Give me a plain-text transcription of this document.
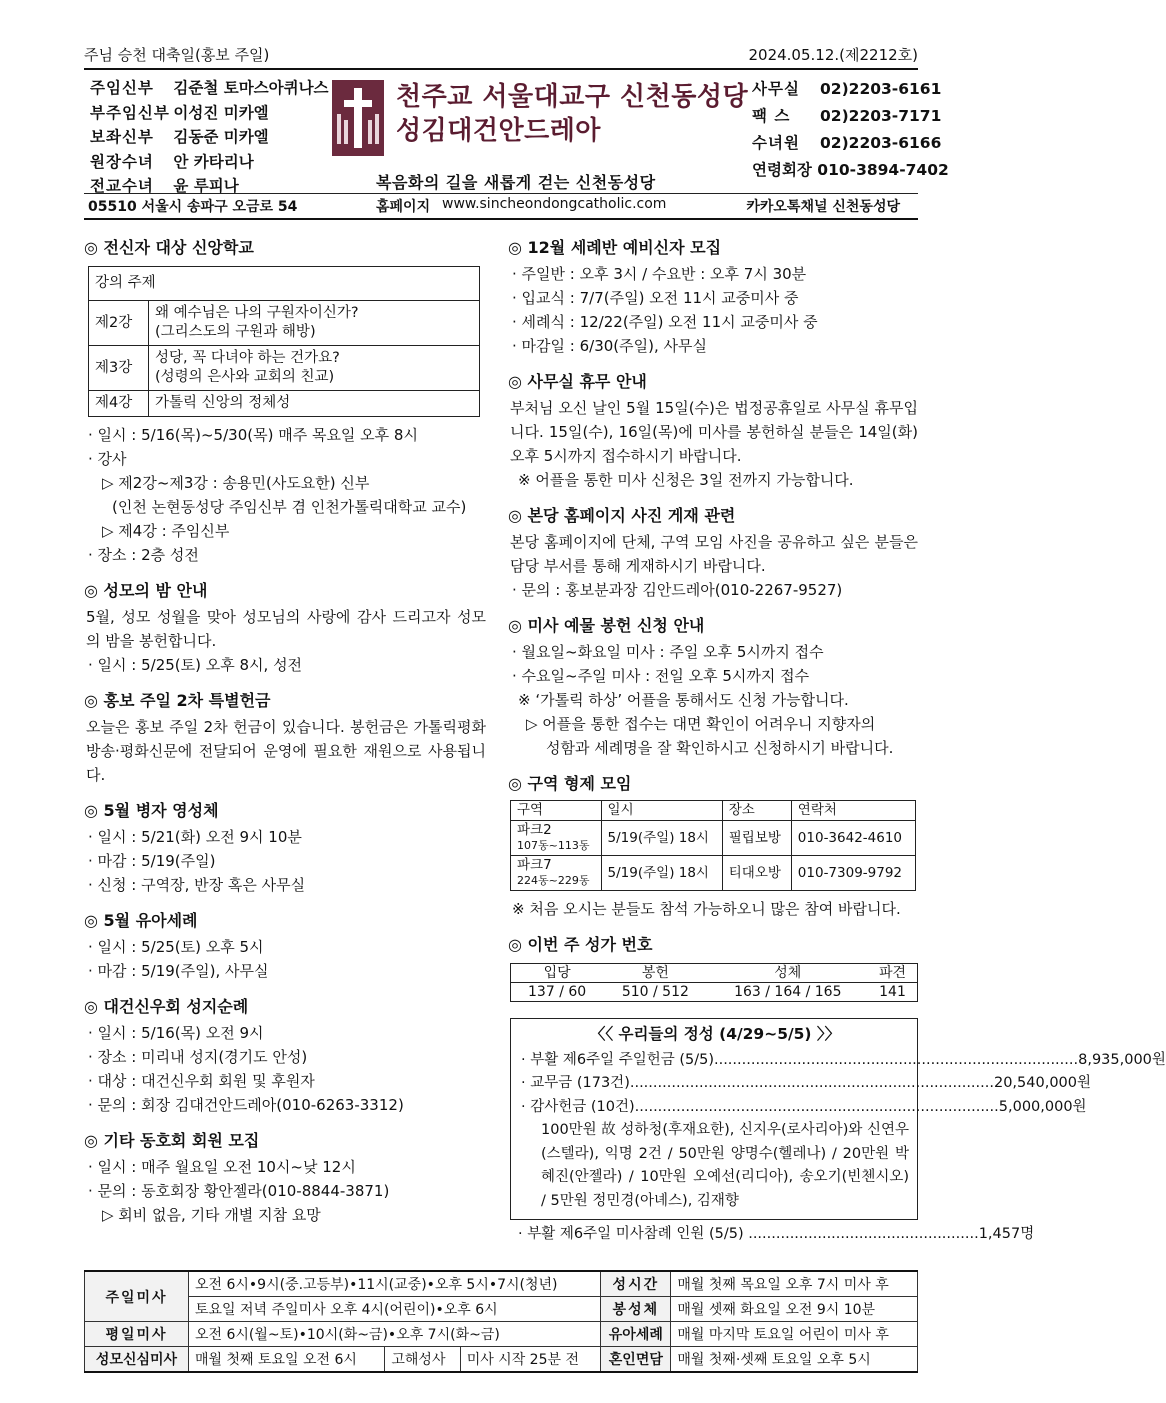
주님 승천 대축일(홍보 주일)	2024.05.12.(제2212호)
주임신부 김준철 토마스아퀴나스
부주임신부 이성진 미카엘
보좌신부 김동준 미카엘
원장수녀 안 카타리나
전교수녀 윤 루피나
천주교 서울대교구 신천동성당
성김대건안드레아
복음화의 길을 새롭게 걷는 신천동성당
사무실 02)2203-6161
팩 스 02)2203-7171
수녀원 02)2203-6166
연령회장 010-3894-7402
05510 서울시 송파구 오금로 54	홈페이지 www.sincheondongcatholic.com	카카오톡채널 신천동성당
◎ 전신자 대상 신앙학교
강의 주제	
제2강	왜 예수님은 나의 구원자이신가?
(그리스도의 구원과 해방)

제3강	성당, 꼭 다녀야 하는 건가요?
(성령의 은사와 교회의 친교)

제4강	가톨릭 신앙의 정체성
· 일시 : 5/16(목)~5/30(목) 매주 목요일 오후 8시
· 강사
▷ 제2강~제3강 : 송용민(사도요한) 신부
(인천 논현동성당 주임신부 겸 인천가톨릭대학교 교수)
▷ 제4강 : 주임신부
· 장소 : 2층 성전
◎ 성모의 밤 안내
5월, 성모 성월을 맞아 성모님의 사랑에 감사 드리고자 성모의 밤을 봉헌합니다.
· 일시 : 5/25(토) 오후 8시, 성전
◎ 홍보 주일 2차 특별헌금
오늘은 홍보 주일 2차 헌금이 있습니다. 봉헌금은 가톨릭평화방송·평화신문에 전달되어 운영에 필요한 재원으로 사용됩니다.
◎ 5월 병자 영성체
· 일시 : 5/21(화) 오전 9시 10분
· 마감 : 5/19(주일)
· 신청 : 구역장, 반장 혹은 사무실
◎ 5월 유아세례
· 일시 : 5/25(토) 오후 5시
· 마감 : 5/19(주일), 사무실
◎ 대건신우회 성지순례
· 일시 : 5/16(목) 오전 9시
· 장소 : 미리내 성지(경기도 안성)
· 대상 : 대건신우회 회원 및 후원자
· 문의 : 회장 김대건안드레아(010-6263-3312)
◎ 기타 동호회 회원 모집
· 일시 : 매주 월요일 오전 10시~낮 12시
· 문의 : 동호회장 황안젤라(010-8844-3871)
▷ 회비 없음, 기타 개별 지참 요망
◎ 12월 세례반 예비신자 모집
· 주일반 : 오후 3시 / 수요반 : 오후 7시 30분
· 입교식 : 7/7(주일) 오전 11시 교중미사 중
· 세례식 : 12/22(주일) 오전 11시 교중미사 중
· 마감일 : 6/30(주일), 사무실
◎ 사무실 휴무 안내
부처님 오신 날인 5월 15일(수)은 법정공휴일로 사무실 휴무입니다. 15일(수), 16일(목)에 미사를 봉헌하실 분들은 14일(화) 오후 5시까지 접수하시기 바랍니다.
※ 어플을 통한 미사 신청은 3일 전까지 가능합니다.
◎ 본당 홈페이지 사진 게재 관련
본당 홈페이지에 단체, 구역 모임 사진을 공유하고 싶은 분들은 담당 부서를 통해 게재하시기 바랍니다.
· 문의 : 홍보분과장 김안드레아(010-2267-9527)
◎ 미사 예물 봉헌 신청 안내
· 월요일~화요일 미사 : 주일 오후 5시까지 접수
· 수요일~주일 미사 : 전일 오후 5시까지 접수
※ ‘가톨릭 하상’ 어플을 통해서도 신청 가능합니다.
▷ 어플을 통한 접수는 대면 확인이 어려우니 지향자의
성함과 세례명을 잘 확인하시고 신청하시기 바랍니다.
◎ 구역 형제 모임
구역	일시	장소	연락처

파크2
107동~113동	5/19(주일) 18시	필립보방	010-3642-4610

파크7
224동~229동	5/19(주일) 18시	티대오방	010-7309-9792
※ 처음 오시는 분들도 참석 가능하오니 많은 참여 바랍니다.
◎ 이번 주 성가 번호
입당	봉헌	성체	파견
137 / 60	510 / 512	163 / 164 / 165	141
〈〈 우리들의 정성 (4/29~5/5) 〉〉
· 부활 제6주일 주일헌금 (5/5) .....	8,935,000원
· 교무금 (173건) .....	20,540,000원
· 감사헌금 (10건) .....	5,000,000원
100만원 故 성하청(후재요한), 신지우(로사리아)와 신연우(스텔라), 익명 2건 / 50만원 양명수(헬레나) / 20만원 박혜진(안젤라) / 10만원 오예선(리디아), 송오기(빈첸시오) / 5만원 정민경(아녜스), 김재향
· 부활 제6주일 미사참례 인원 (5/5) .................................................. 1,457명
주일미사	오전 6시•9시(중.고등부)•11시(교중)•오후 5시•7시(청년)			성시간	매월 첫째 목요일 오후 7시 미사 후
	토요일 저녁 주일미사 오후 4시(어린이)•오후 6시			봉성체	매월 셋째 화요일 오전 9시 10분
평일미사	오전 6시(월~토)•10시(화~금)•오후 7시(화~금)			유아세례	매월 마지막 토요일 어린이 미사 후
성모신심미사	매월 첫째 토요일 오전 6시	고해성사	미사 시작 25분 전	혼인면담	매월 첫째·셋째 토요일 오후 5시
